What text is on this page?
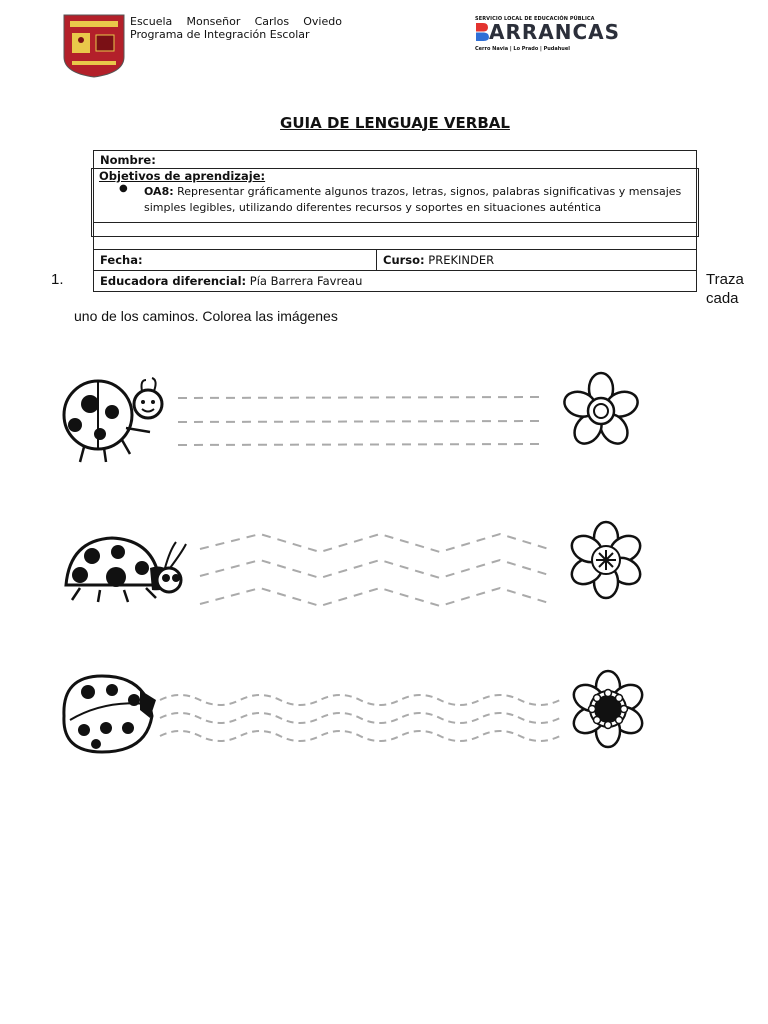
Escuela Monseñor Carlos Oviedo
Programa de Integración Escolar
SERVICIO LOCAL DE EDUCACIÓN PÚBLICA
ARRANCAS
Cerro Navia | Lo Prado | Pudahuel
GUIA DE LENGUAJE VERBAL
Nombre:
Objetivos de aprendizaje:
● OA8: Representar gráficamente algunos trazos, letras, signos, palabras significativas y mensajes simples legibles, utilizando diferentes recursos y soportes en situaciones auténtica
Fecha:	Curso: PREKINDER
Educadora diferencial: Pía Barrera Favreau
1.	Traza
cada
uno de los caminos. Colorea las imágenes
